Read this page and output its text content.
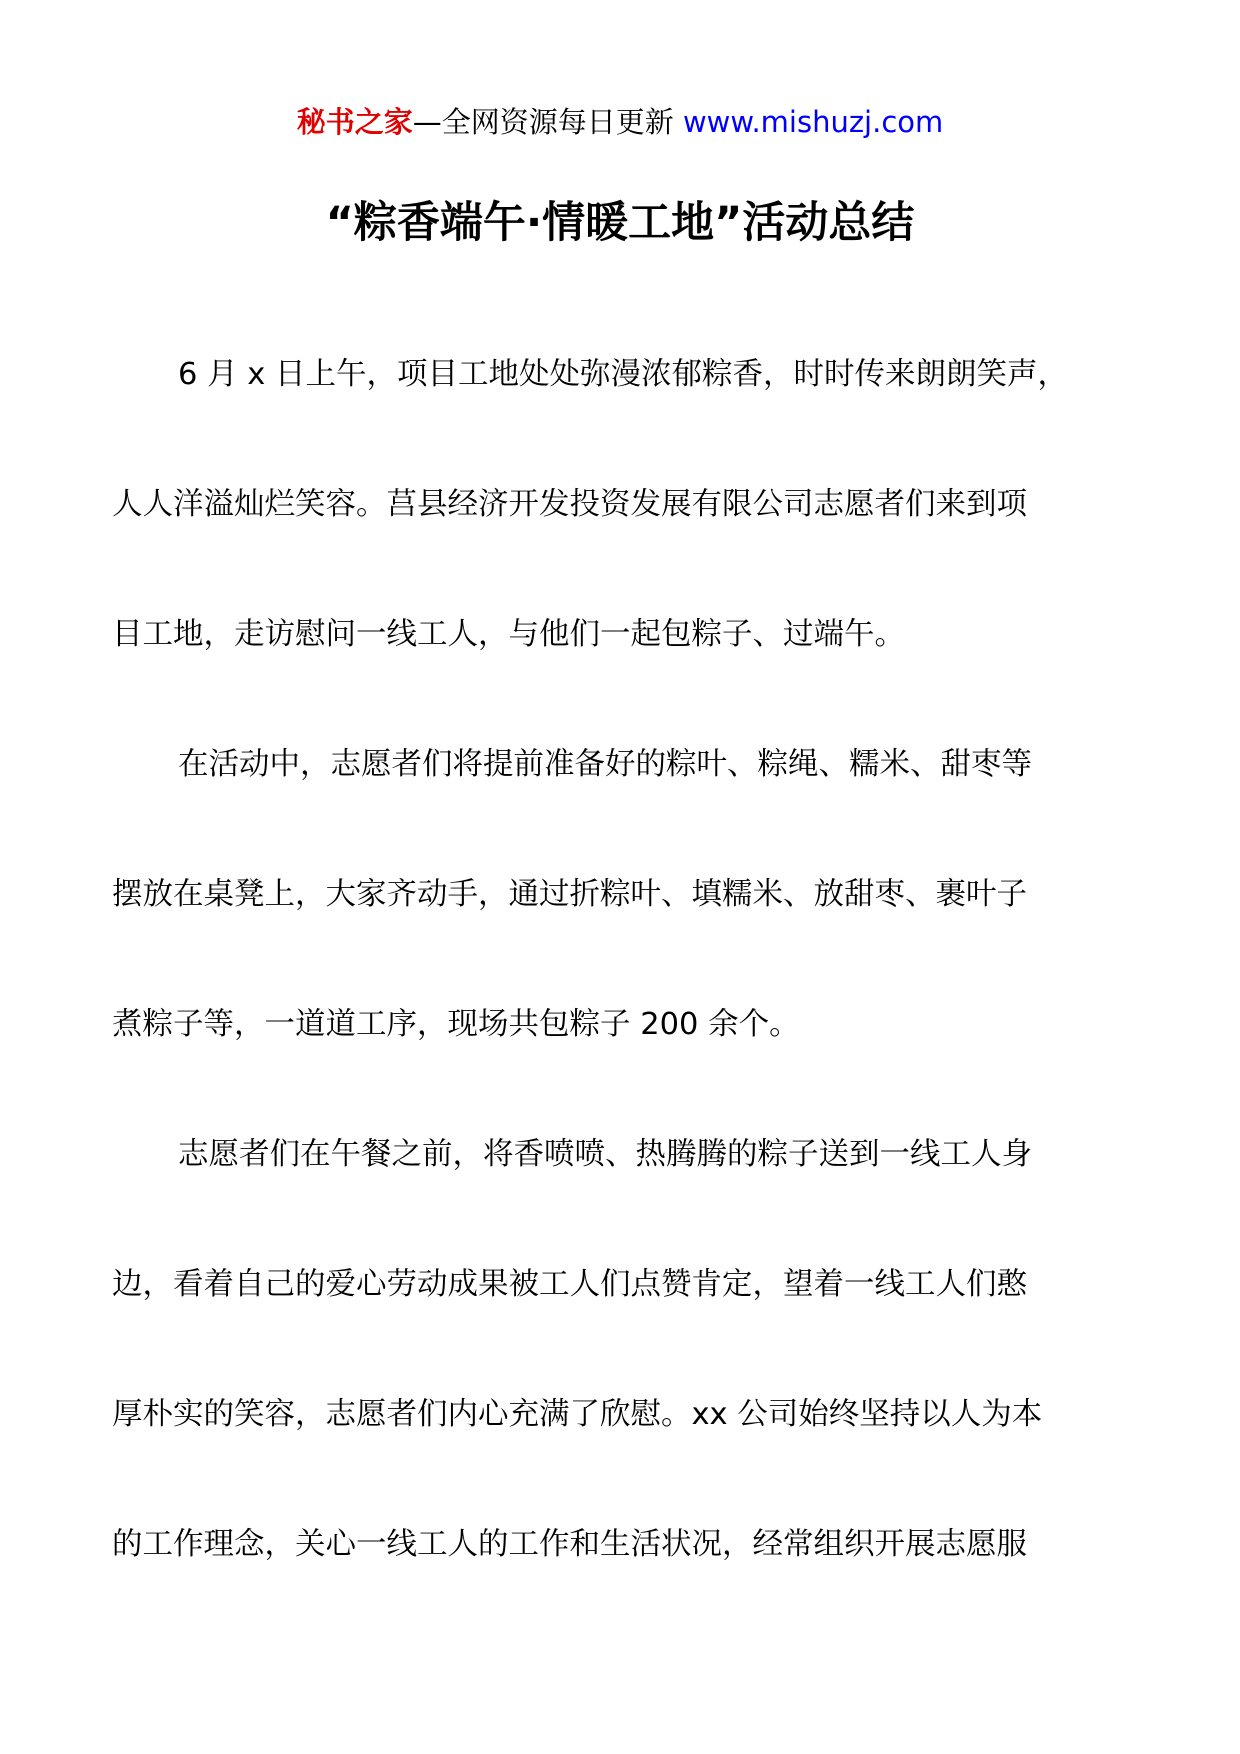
秘书之家—全网资源每日更新 www.mishuzj.com
“粽香端午·情暖工地”活动总结
6 月 x 日上午，项目工地处处弥漫浓郁粽香，时时传来朗朗笑声，
人人洋溢灿烂笑容。莒县经济开发投资发展有限公司志愿者们来到项
目工地，走访慰问一线工人，与他们一起包粽子、过端午。
在活动中，志愿者们将提前准备好的粽叶、粽绳、糯米、甜枣等
摆放在桌凳上，大家齐动手，通过折粽叶、填糯米、放甜枣、裹叶子
煮粽子等，一道道工序，现场共包粽子 200 余个。
志愿者们在午餐之前，将香喷喷、热腾腾的粽子送到一线工人身
边，看着自己的爱心劳动成果被工人们点赞肯定，望着一线工人们憨
厚朴实的笑容，志愿者们内心充满了欣慰。xx 公司始终坚持以人为本
的工作理念，关心一线工人的工作和生活状况，经常组织开展志愿服
